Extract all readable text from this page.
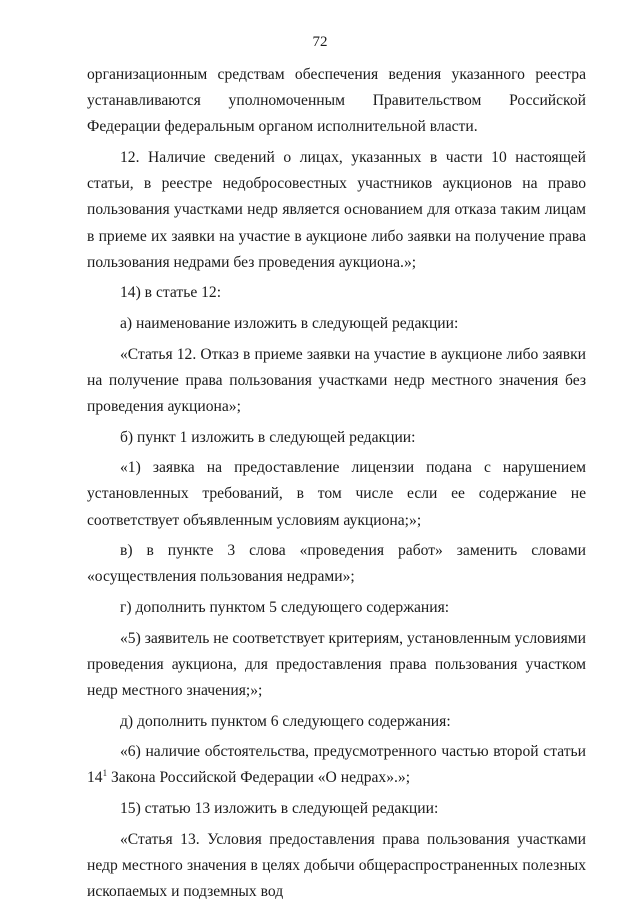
72

организационным средствам обеспечения ведения указанного реестра устанавливаются уполномоченным Правительством Российской Федерации федеральным органом исполнительной власти.

12. Наличие сведений о лицах, указанных в части 10 настоящей статьи, в реестре недобросовестных участников аукционов на право пользования участками недр является основанием для отказа таким лицам в приеме их заявки на участие в аукционе либо заявки на получение права пользования недрами без проведения аукциона.»;

14) в статье 12:

а) наименование изложить в следующей редакции:

«Статья 12. Отказ в приеме заявки на участие в аукционе либо заявки на получение права пользования участками недр местного значения без проведения аукциона»;

б) пункт 1 изложить в следующей редакции:

«1) заявка на предоставление лицензии подана с нарушением установленных требований, в том числе если ее содержание не соответствует объявленным условиям аукциона;»;

в) в пункте 3 слова «проведения работ» заменить словами «осуществления пользования недрами»;

г) дополнить пунктом 5 следующего содержания:

«5) заявитель не соответствует критериям, установленным условиями проведения аукциона, для предоставления права пользования участком недр местного значения;»;

д) дополнить пунктом 6 следующего содержания:

«6) наличие обстоятельства, предусмотренного частью второй статьи $14^1$ Закона Российской Федерации «О недрах».»;

15) статью 13 изложить в следующей редакции:

«Статья 13. Условия предоставления права пользования участками недр местного значения в целях добычи общераспространенных полезных ископаемых и подземных вод
